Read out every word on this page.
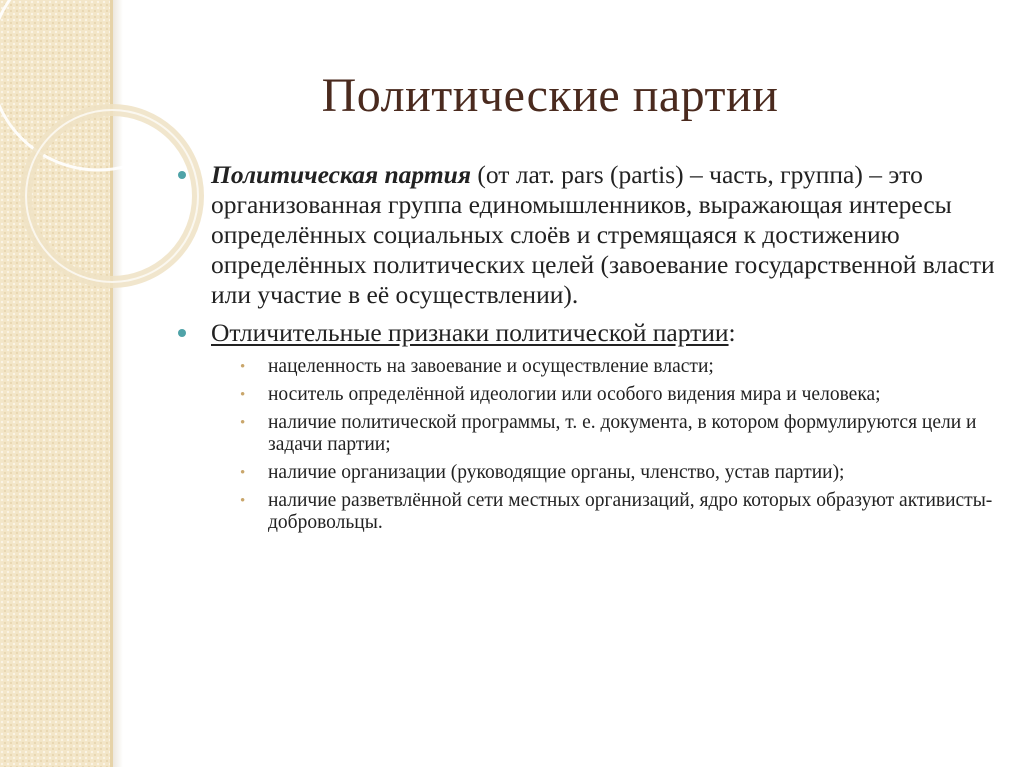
Политические партии
Политическая партия (от лат. pars (partis) – часть, группа) – это организованная группа единомышленников, выражающая интересы определённых социальных слоёв и стремящаяся к достижению определённых политических целей (завоевание государственной власти или участие в её осуществлении).
Отличительные признаки политической партии:
• нацеленность на завоевание и осуществление власти;
• носитель определённой идеологии или особого видения мира и человека;
• наличие политической программы, т. е. документа, в котором формулируются цели и задачи партии;
• наличие организации (руководящие органы, членство, устав партии);
• наличие разветвлённой сети местных организаций, ядро которых образуют активисты-добровольцы.
